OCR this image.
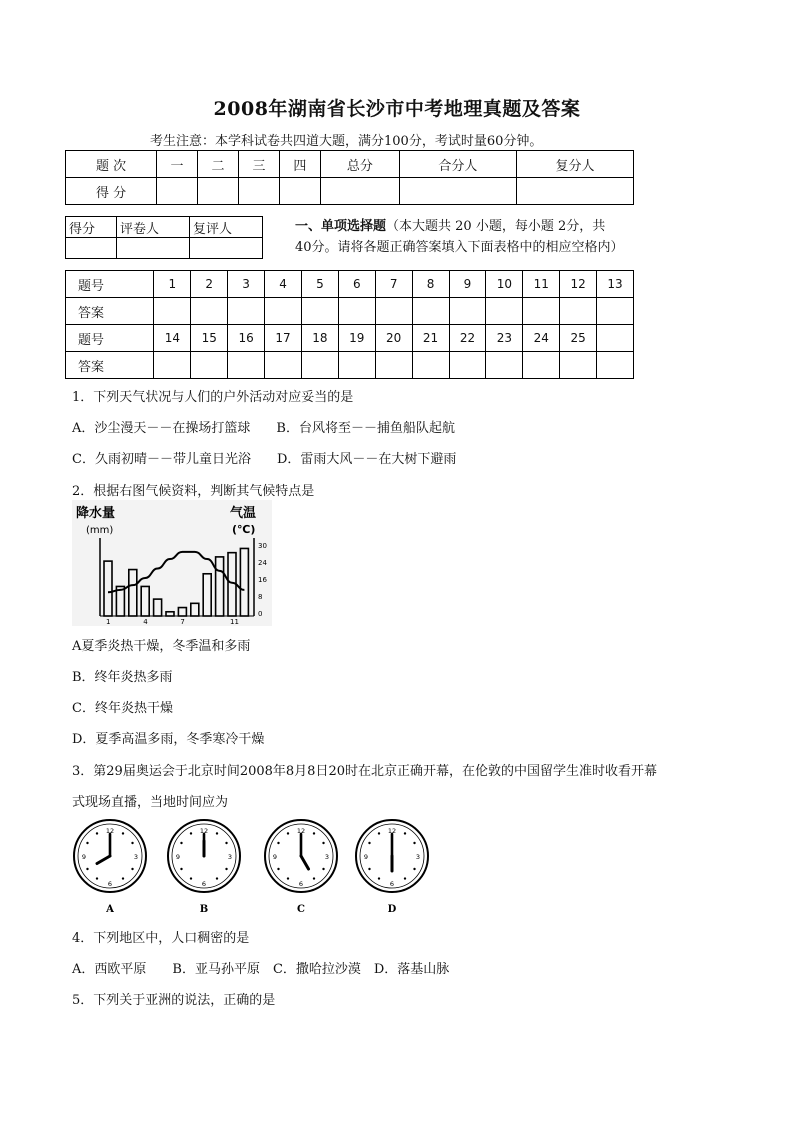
2008年湖南省长沙市中考地理真题及答案
考生注意：本学科试卷共四道大题，满分100分，考试时量60分钟。
题 次	一	二	三	四	总分	合分人	复分人
得 分							
得分	评卷人	复评人
			一、单项选择题（本大题共 20 小题，每小题 2分，共
40分。请将各题正确答案填入下面表格中的相应空格内）
题号	1	2	3	4	5	6	7	8	9	10	11	12	13
答案													
题号	14	15	16	17	18	19	20	21	22	23	24	25	
答案													
1．下列天气状况与人们的户外活动对应妥当的是
A．沙尘漫天－－在操场打篮球　　B．台风将至－－捕鱼船队起航
C．久雨初晴－－带儿童日光浴　　D．雷雨大风－－在大树下避雨
2．根据右图气候资料，判断其气候特点是
降水量
(mm)
气温
(℃)
30
24
16
8
0
1	4	7	11
A夏季炎热干燥，冬季温和多雨
B．终年炎热多雨
C．终年炎热干燥
D．夏季高温多雨，冬季寒冷干燥
3．第29届奥运会于北京时间2008年8月8日20时在北京正确开幕，在伦敦的中国留学生准时收看开幕
式现场直播，当地时间应为
12
3
6
9
A
12
3
6
9
B
12
3
6
9
C
12
3
6
9
D
4．下列地区中，人口稠密的是
A．西欧平原　　B．亚马孙平原　C．撒哈拉沙漠　D．落基山脉
5．下列关于亚洲的说法，正确的是
